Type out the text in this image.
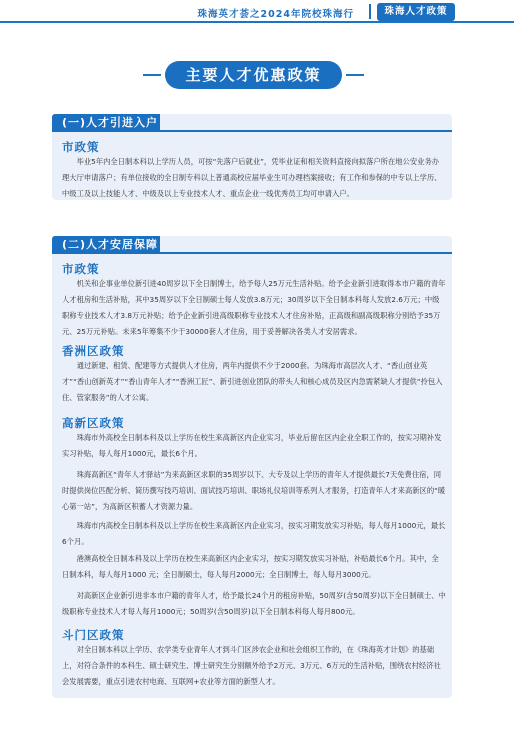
珠海英才荟之2024年院校珠海行	珠海人才政策
主要人才优惠政策
(一)人才引进入户
市政策
毕业5年内全日制本科以上学历人员，可按“先落户后就业”，凭毕业证和相关资料直接向拟落户所在地公安业务办理大厅申请落户；有单位接收的全日制专科以上普通高校应届毕业生可办理档案接收；有工作和参保的中专以上学历、中级工及以上技能人才、中级及以上专业技术人才、重点企业一线优秀员工均可申请入户。
(二)人才安居保障
市政策
机关和企事业单位新引进40周岁以下全日制博士，给予每人25万元生活补贴。给予企业新引进取得本市户籍的青年人才租房和生活补贴，其中35周岁以下全日制硕士每人发放3.8万元；30周岁以下全日制本科每人发放2.6万元；中级职称专业技术人才3.8万元补贴；给予企业新引进高级职称专业技术人才住房补贴，正高级和副高级职称分别给予35万元、25万元补贴。未来5年筹集不少于30000套人才住房，用于妥善解决各类人才安居需求。
香洲区政策
通过新建、租赁、配建等方式提供人才住房，两年内提供不少于2000套。为珠海市高层次人才、“香山创业英才”“香山创新英才”“香山青年人才”“香洲工匠”、新引进创业团队的带头人和核心成员及区内急需紧缺人才提供“拎包入住、管家服务”的人才公寓。
高新区政策
珠海市外高校全日制本科及以上学历在校生来高新区内企业实习，毕业后留在区内企业全职工作的，按实习期补发实习补贴，每人每月1000元，最长6个月。
珠海高新区“青年人才驿站”为来高新区求职的35周岁以下、大专及以上学历的青年人才提供最长7天免费住宿，同时提供岗位匹配分析、简历撰写技巧培训、面试技巧培训、职场礼仪培训等系列人才服务，打造青年人才来高新区的“暖心第一站”，为高新区积蓄人才资源力量。
珠海市内高校全日制本科及以上学历在校生来高新区内企业实习，按实习期发放实习补贴，每人每月1000元，最长6个月。
港澳高校全日制本科及以上学历在校生来高新区内企业实习，按实习期发放实习补贴，补贴最长6个月。其中，全日制本科，每人每月1000 元；全日制硕士，每人每月2000元；全日制博士，每人每月3000元。
对高新区企业新引进非本市户籍的青年人才，给予最长24个月的租房补贴，50周岁(含50周岁)以下全日制硕士、中级职称专业技术人才每人每月1000元；50周岁(含50周岁)以下全日制本科每人每月800元。
斗门区政策
对全日制本科以上学历、农学类专业青年人才到斗门区涉农企业和社会组织工作的，在《珠海英才计划》的基础上，对符合条件的本科生、硕士研究生、博士研究生分别额外给予2万元、3万元、6万元的生活补贴，围绕农村经济社会发展需要，重点引进农村电商、互联网+农业等方面的新型人才。
